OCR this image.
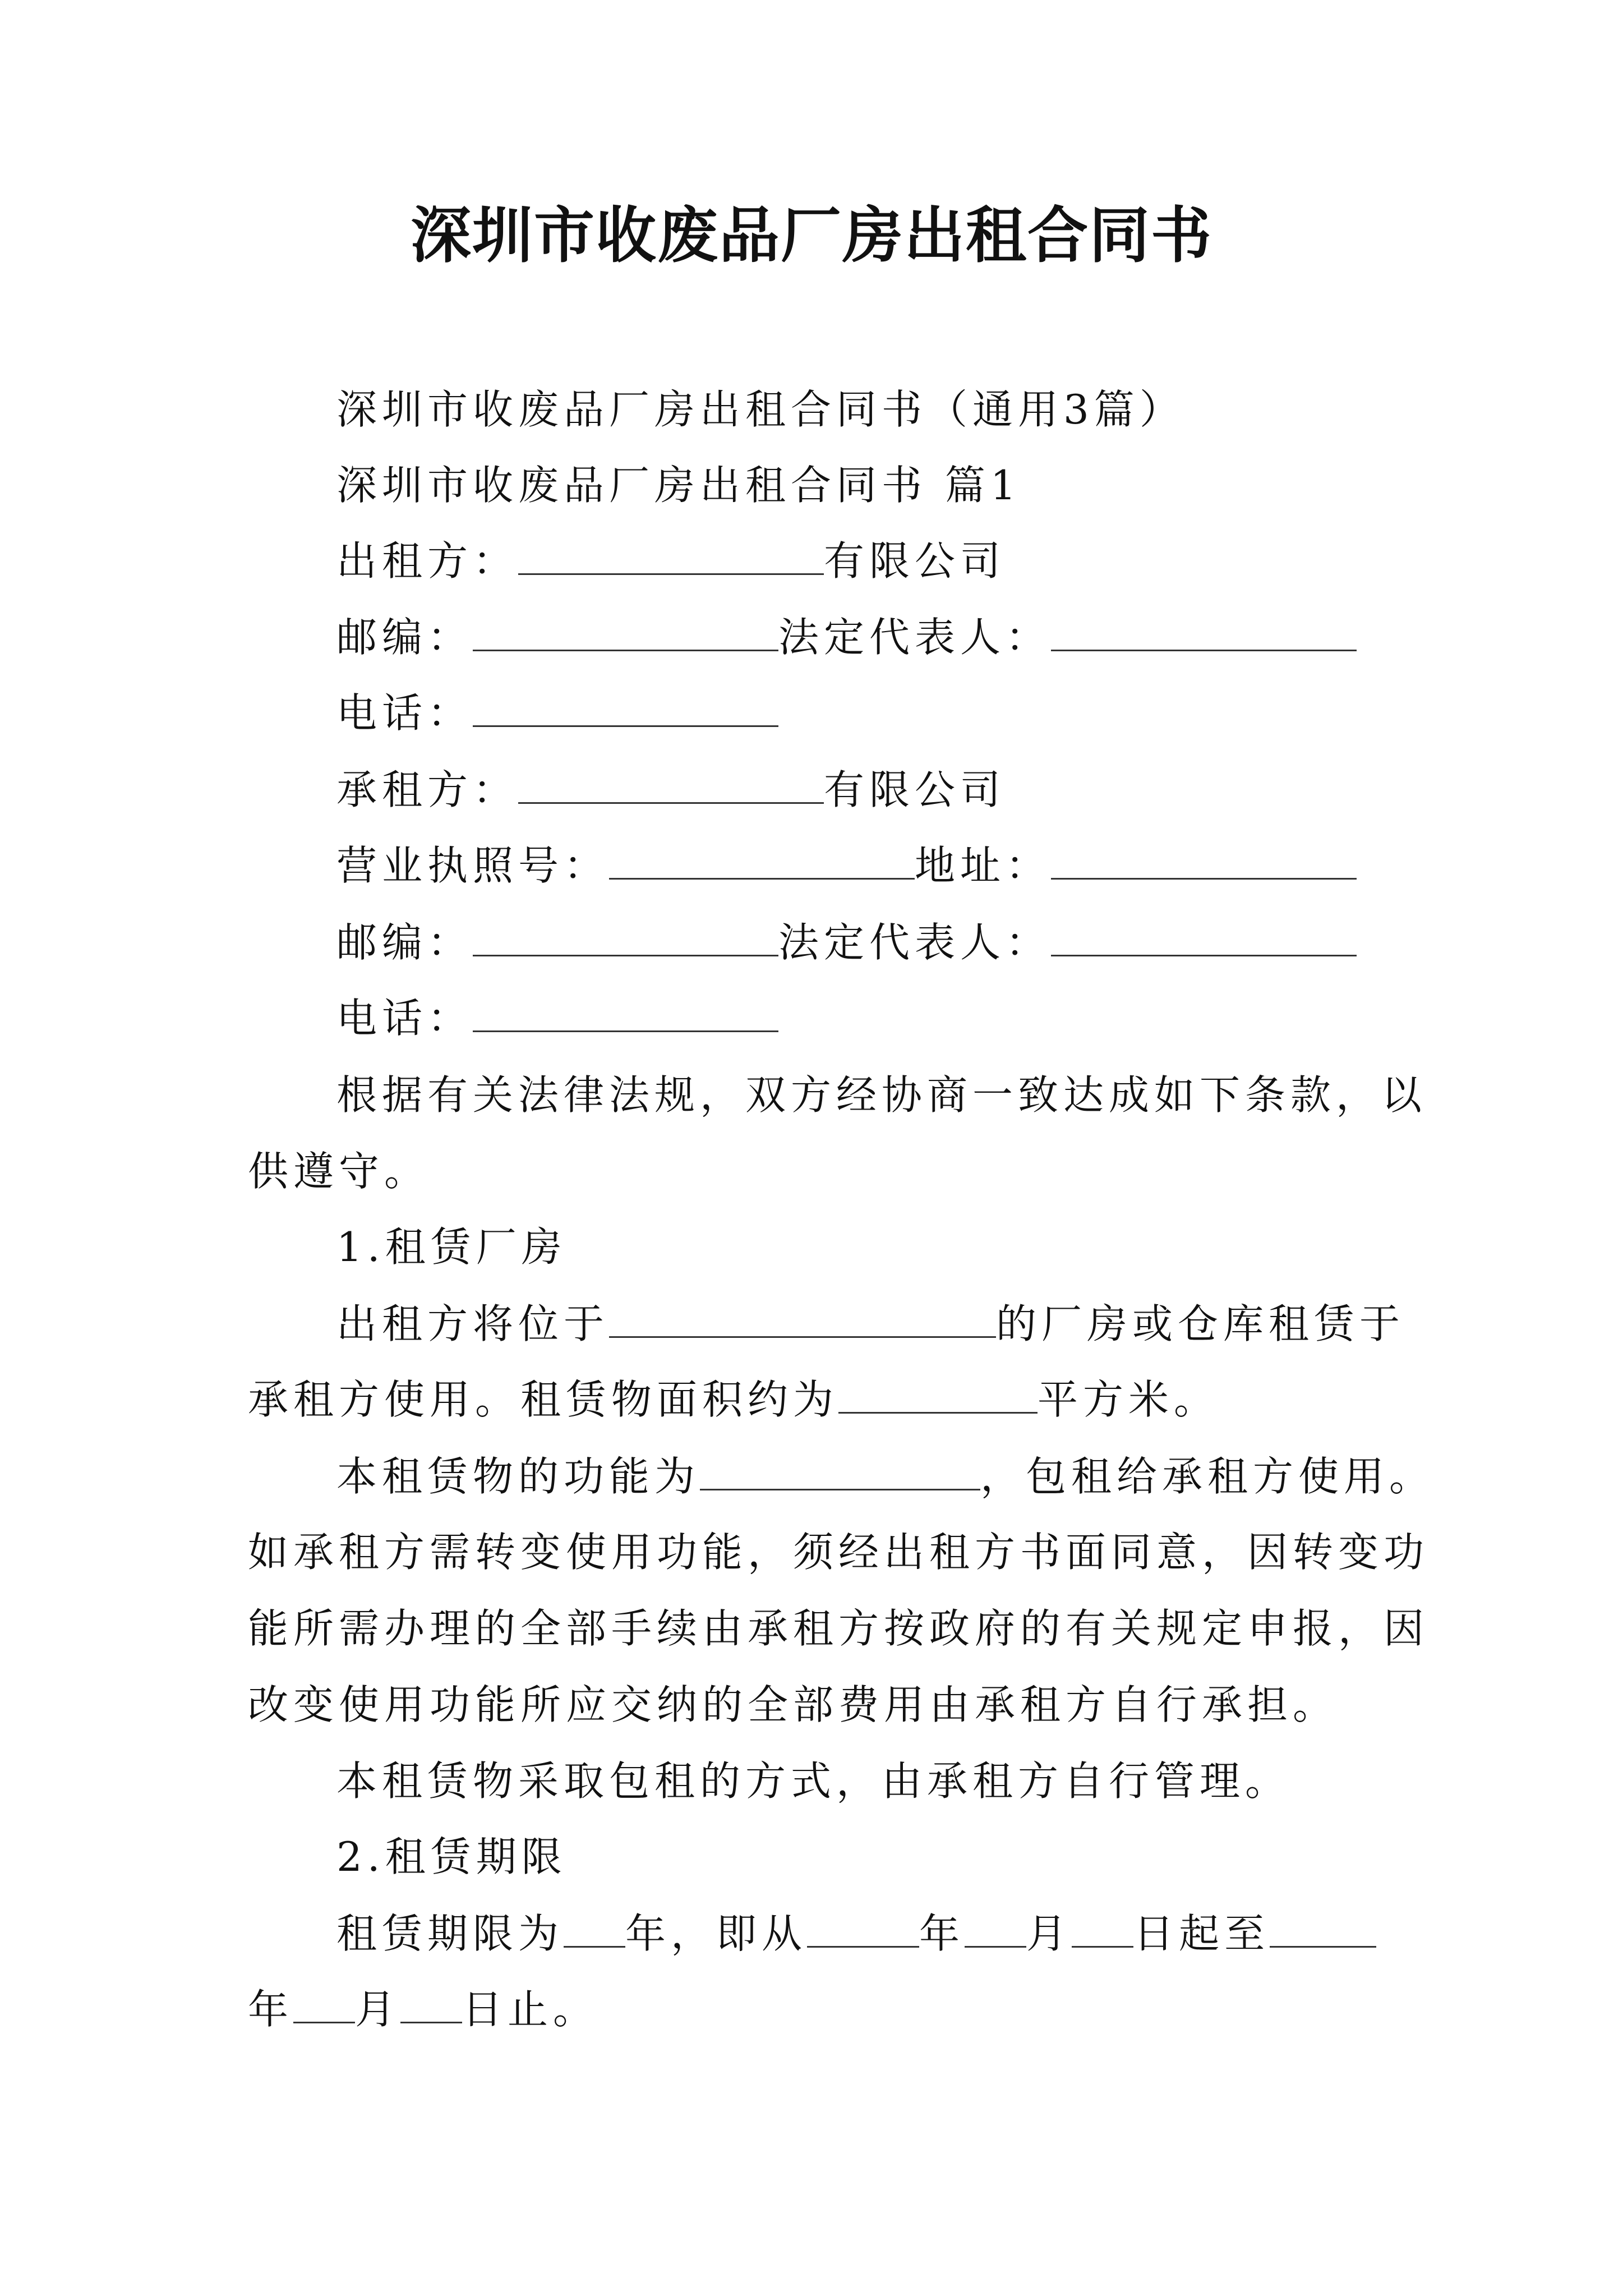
深圳市收废品厂房出租合同书
深圳市收废品厂房出租合同书（通用3篇）
深圳市收废品厂房出租合同书 篇1
出租方：	有限公司
邮编：	法定代表人：
电话：
承租方：	有限公司
营业执照号：	地址：
邮编：	法定代表人：
电话：
根据有关法律法规，双方经协商一致达成如下条款，以
供遵守。
1.租赁厂房
出租方将位于	的厂房或仓库租赁于
承租方使用。租赁物面积约为	平方米。
本租赁物的功能为	，包租给承租方使用。
如承租方需转变使用功能，须经出租方书面同意，因转变功
能所需办理的全部手续由承租方按政府的有关规定申报，因
改变使用功能所应交纳的全部费用由承租方自行承担。
本租赁物采取包租的方式，由承租方自行管理。
2.租赁期限
租赁期限为 年，即从	年 月 日起至
年 月 日止。
